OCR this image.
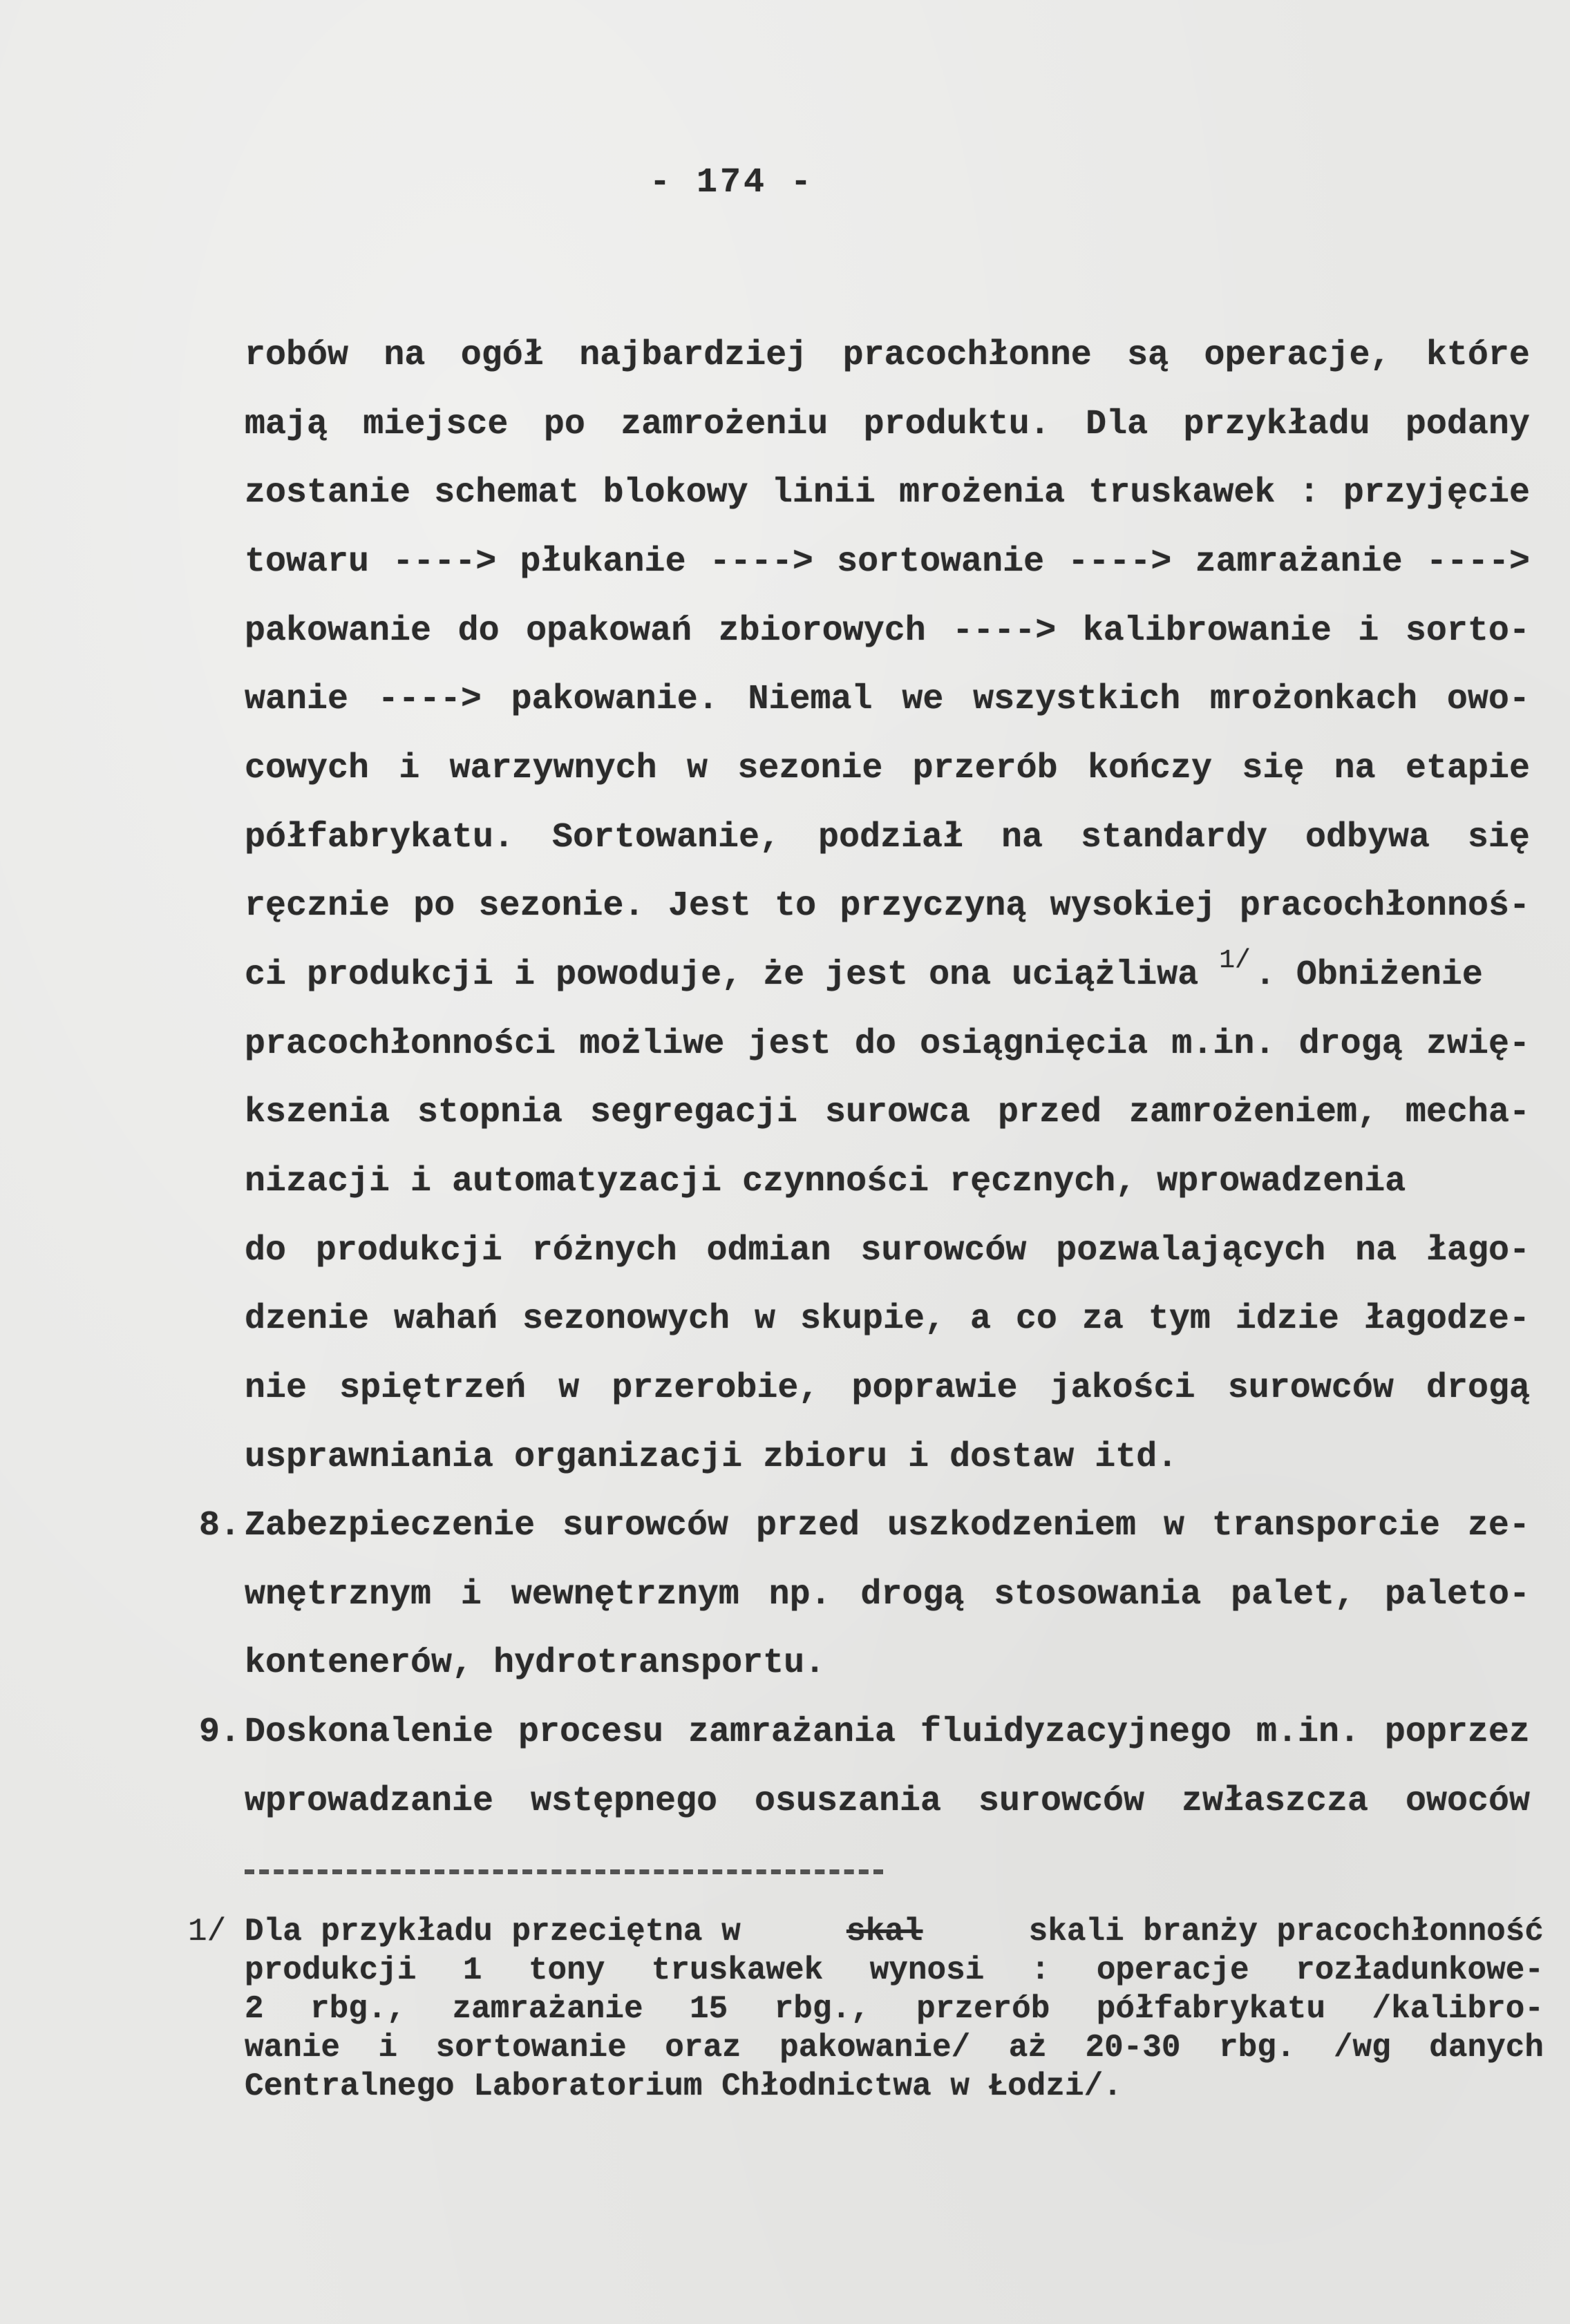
- 174 -
robów na ogół najbardziej pracochłonne są operacje, które
mają miejsce po zamrożeniu produktu. Dla przykładu podany
zostanie schemat blokowy linii mrożenia truskawek : przyjęcie
towaru ----> płukanie ----> sortowanie ----> zamrażanie ---->
pakowanie do opakowań zbiorowych ----> kalibrowanie i sorto-
wanie ----> pakowanie. Niemal we wszystkich mrożonkach owo-
cowych i warzywnych w sezonie przerób kończy się na etapie
półfabrykatu. Sortowanie, podział na standardy odbywa się
ręcznie po sezonie. Jest to przyczyną wysokiej pracochłonnoś-
ci produkcji i powoduje, że jest ona uciążliwa 1/ . Obniżenie
pracochłonności możliwe jest do osiągnięcia m.in. drogą zwię-
kszenia stopnia segregacji surowca przed zamrożeniem, mecha-
nizacji i automatyzacji czynności ręcznych, wprowadzenia
do produkcji różnych odmian surowców pozwalających na łago-
dzenie wahań sezonowych w skupie, a co za tym idzie łagodze-
nie spiętrzeń w przerobie, poprawie jakości surowców drogą
usprawniania organizacji zbioru i dostaw itd.
8. Zabezpieczenie surowców przed uszkodzeniem w transporcie ze-
wnętrznym i wewnętrznym np. drogą stosowania palet, paleto-
kontenerów, hydrotransportu.
9. Doskonalenie procesu zamrażania fluidyzacyjnego m.in. poprzez
wprowadzanie wstępnego osuszania surowców zwłaszcza owoców
1/ Dla przykładu przeciętna w	skal	skali branży pracochłonność
produkcji 1 tony truskawek wynosi : operacje rozładunkowe-
2 rbg., zamrażanie 15 rbg., przerób półfabrykatu /kalibro-
wanie i sortowanie oraz pakowanie/ aż 20-30 rbg. /wg danych
Centralnego Laboratorium Chłodnictwa w Łodzi/.
